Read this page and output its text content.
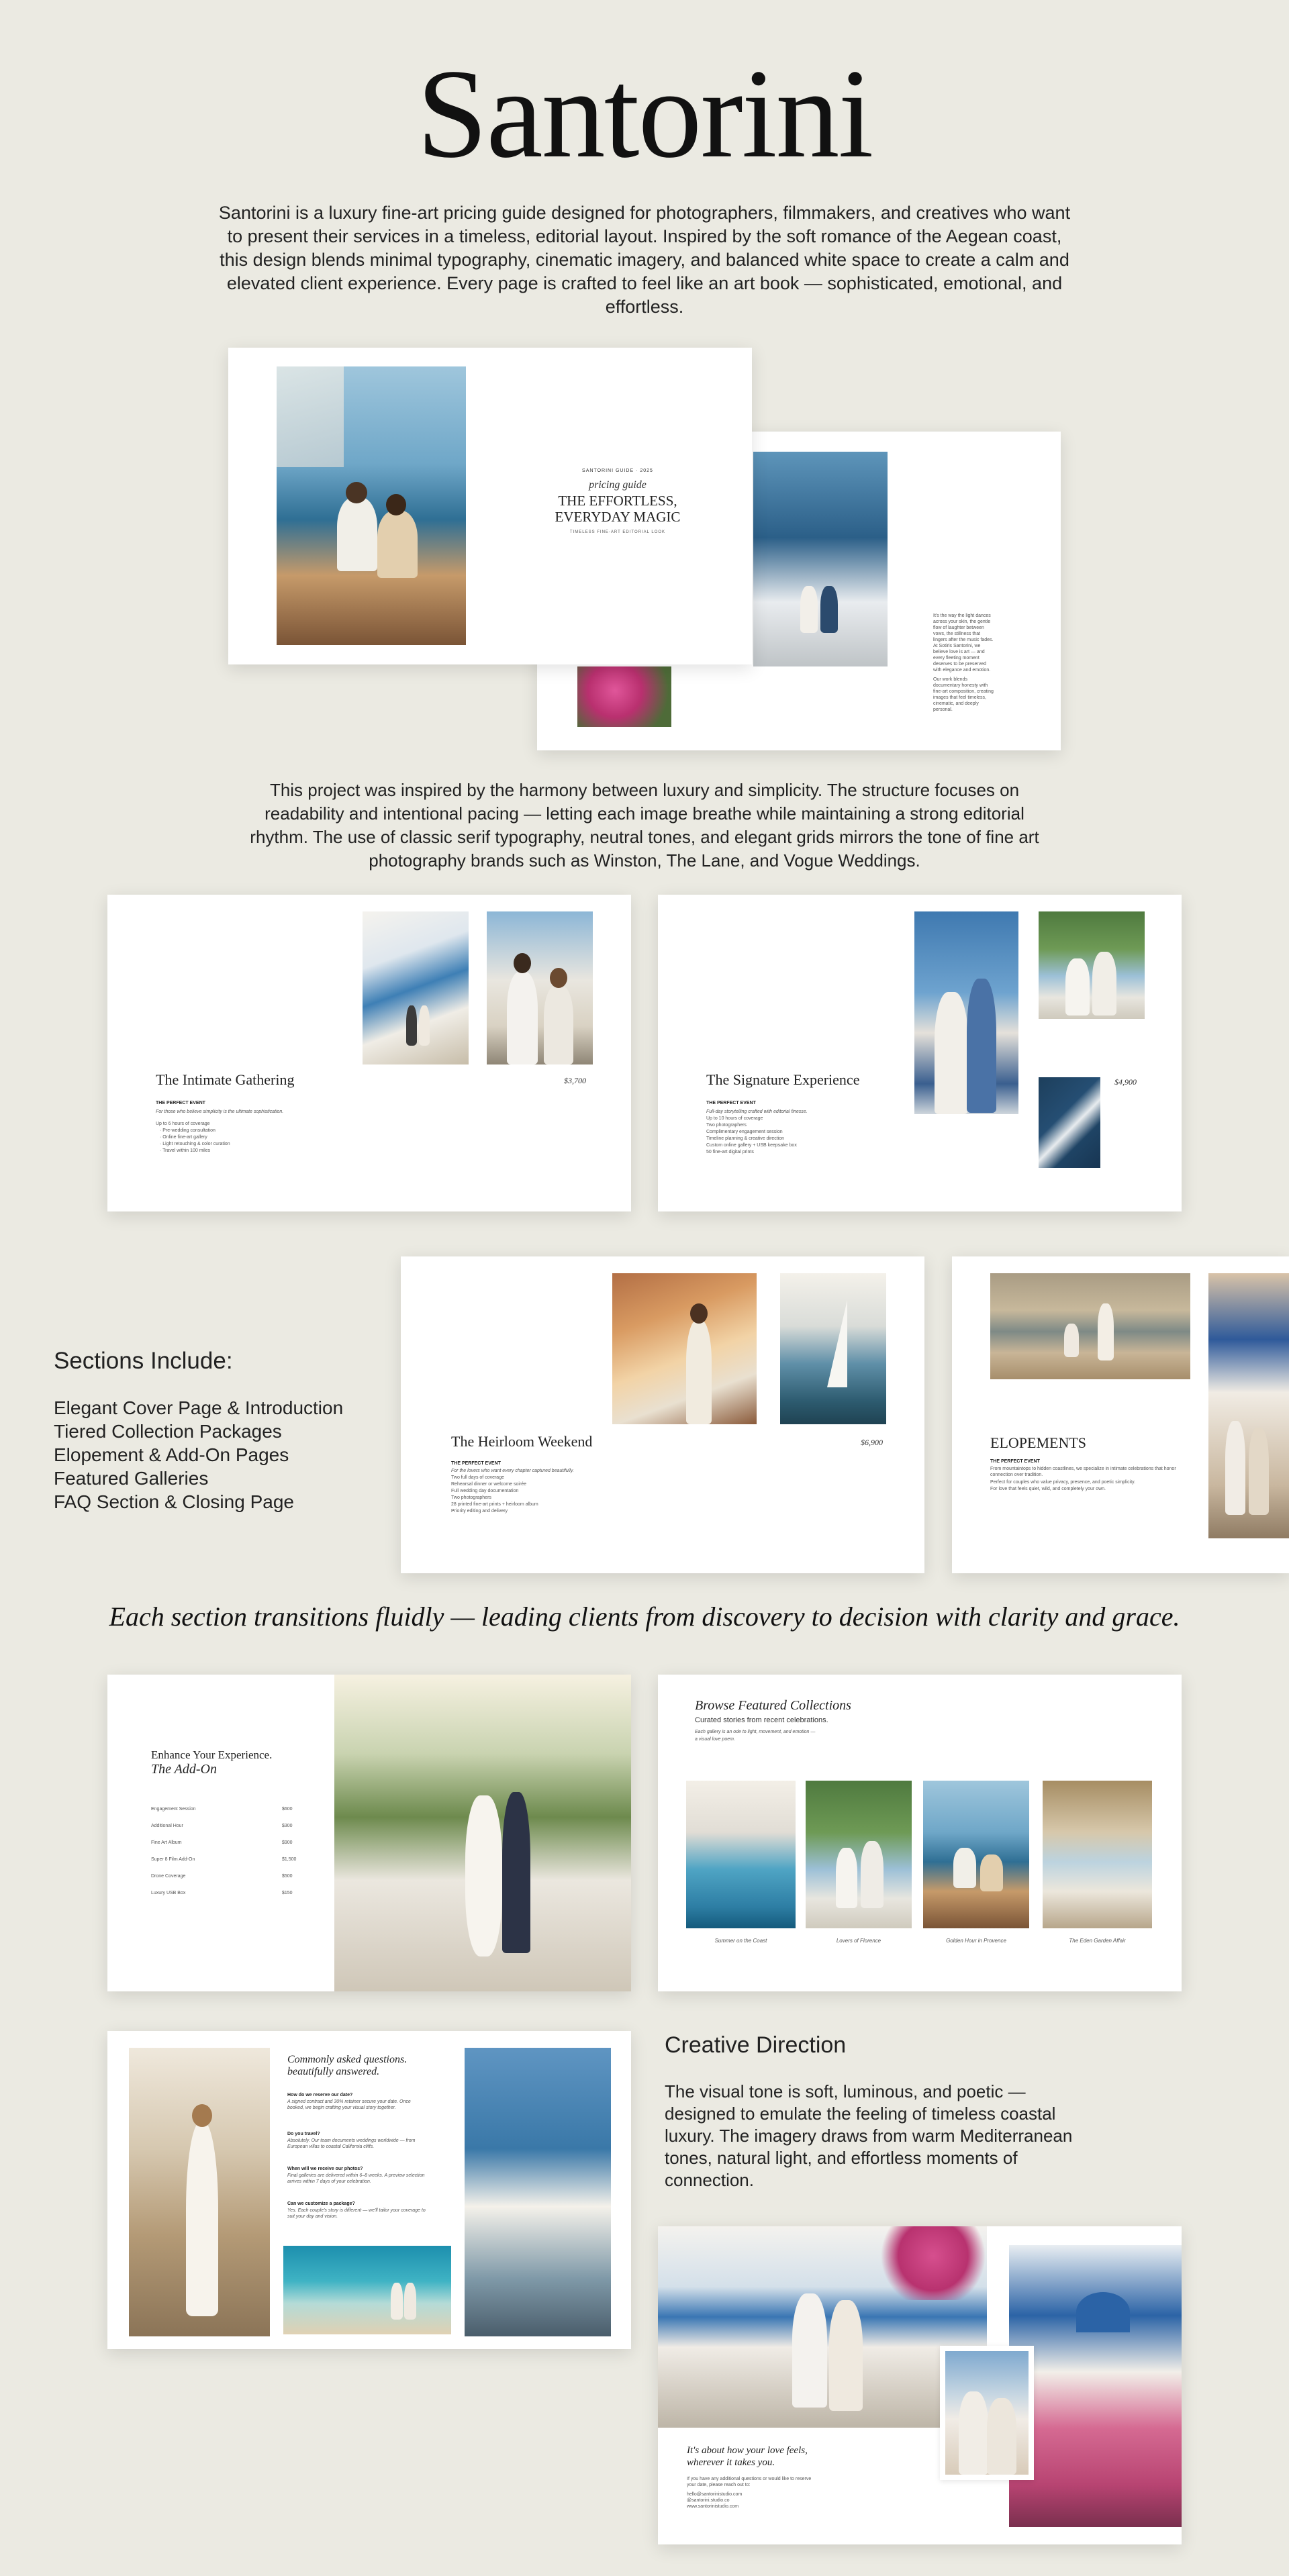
Santorini
Santorini is a luxury fine-art pricing guide designed for photographers, filmmakers, and creatives who want to present their services in a timeless, editorial layout. Inspired by the soft romance of the Aegean coast, this design blends minimal typography, cinematic imagery, and balanced white space to create a calm and elevated client experience. Every page is crafted to feel like an art book — sophisticated, emotional, and effortless.
It's the way the light dances across your skin, the gentle flow of laughter between vows, the stillness that lingers after the music fades.
At Sotiris Santorini, we believe love is art — and every fleeting moment deserves to be preserved with elegance and emotion.
Our work blends documentary honesty with fine-art composition, creating images that feel timeless, cinematic, and deeply personal.
SANTORINI GUIDE · 2025
pricing guide
THE EFFORTLESS,
EVERYDAY MAGIC
TIMELESS FINE-ART EDITORIAL LOOK
This project was inspired by the harmony between luxury and simplicity. The structure focuses on readability and intentional pacing — letting each image breathe while maintaining a strong editorial rhythm. The use of classic serif typography, neutral tones, and elegant grids mirrors the tone of fine art photography brands such as Winston, The Lane, and Vogue Weddings.
The Intimate Gathering	$3,700
THE PERFECT EVENT
For those who believe simplicity is the ultimate sophistication.
Up to 6 hours of coverage
· Pre-wedding consultation
· Online fine-art gallery
· Light retouching & color curation
· Travel within 100 miles
The Signature Experience	$4,900
THE PERFECT EVENT
Full-day storytelling crafted with editorial finesse.
Up to 10 hours of coverage
Two photographers
Complimentary engagement session
Timeline planning & creative direction
Custom online gallery + USB keepsake box
50 fine-art digital prints
Sections Include:
Elegant Cover Page & Introduction
Tiered Collection Packages
Elopement & Add-On Pages
Featured Galleries
FAQ Section & Closing Page
The Heirloom Weekend	$6,900
THE PERFECT EVENT
For the lovers who want every chapter captured beautifully.
Two full days of coverage
Rehearsal dinner or welcome soirée
Full wedding day documentation
Two photographers
28 printed fine-art prints + heirloom album
Priority editing and delivery
ELOPEMENTS
THE PERFECT EVENT
From mountaintops to hidden coastlines, we specialize in intimate celebrations that honor connection over tradition.
Perfect for couples who value privacy, presence, and poetic simplicity.
For love that feels quiet, wild, and completely your own.
Each section transitions fluidly — leading clients from discovery to decision with clarity and grace.
Enhance Your Experience.
The Add-On
Engagement Session	$600
Additional Hour	$300
Fine Art Album	$900
Super 8 Film Add-On	$1,500
Drone Coverage	$500
Luxury USB Box	$150
Browse Featured Collections
Curated stories from recent celebrations.
Each gallery is an ode to light, movement, and emotion — a visual love poem.
Summer on the Coast	Lovers of Florence	Golden Hour in Provence	The Eden Garden Affair
Commonly asked questions.
beautifully answered.
How do we reserve our date?
A signed contract and 30% retainer secure your date. Once booked, we begin crafting your visual story together.
Do you travel?
Absolutely. Our team documents weddings worldwide — from European villas to coastal California cliffs.
When will we receive our photos?
Final galleries are delivered within 6–8 weeks. A preview selection arrives within 7 days of your celebration.
Can we customize a package?
Yes. Each couple's story is different — we'll tailor your coverage to suit your day and vision.
Creative Direction
The visual tone is soft, luminous, and poetic — designed to emulate the feeling of timeless coastal luxury. The imagery draws from warm Mediterranean tones, natural light, and effortless moments of connection.
It's about how your love feels,
wherever it takes you.
If you have any additional questions or would like to reserve your date, please reach out to:
hello@santorinistudio.com
@santorini.studio.co
www.santorinistudio.com
